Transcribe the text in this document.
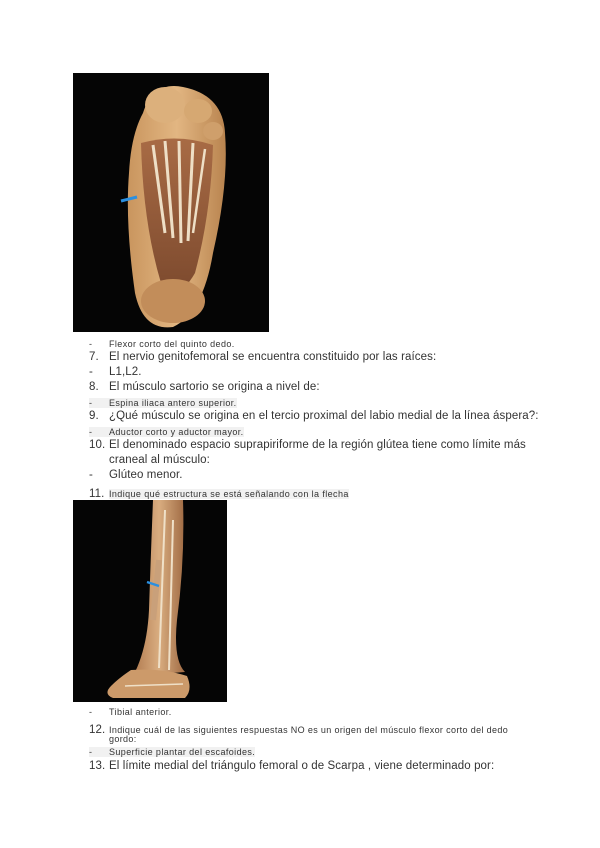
- Flexor corto del quinto dedo.
7. El nervio genitofemoral se encuentra constituido por las raíces:
- L1,L2.
8. El músculo sartorio se origina a nivel de:
- Espina iliaca antero superior.
9. ¿Qué músculo se origina en el tercio proximal del labio medial de la línea áspera?:
- Aductor corto y aductor mayor.
10. El denominado espacio suprapiriforme de la región glútea tiene como límite más
craneal al músculo:
- Glúteo menor.
11. Indique qué estructura se está señalando con la flecha
- Tibial anterior.
12. Indique cuál de las siguientes respuestas NO es un origen del músculo flexor corto del dedo
gordo:
- Superficie plantar del escafoides.
13. El límite medial del triángulo femoral o de Scarpa , viene determinado por:
